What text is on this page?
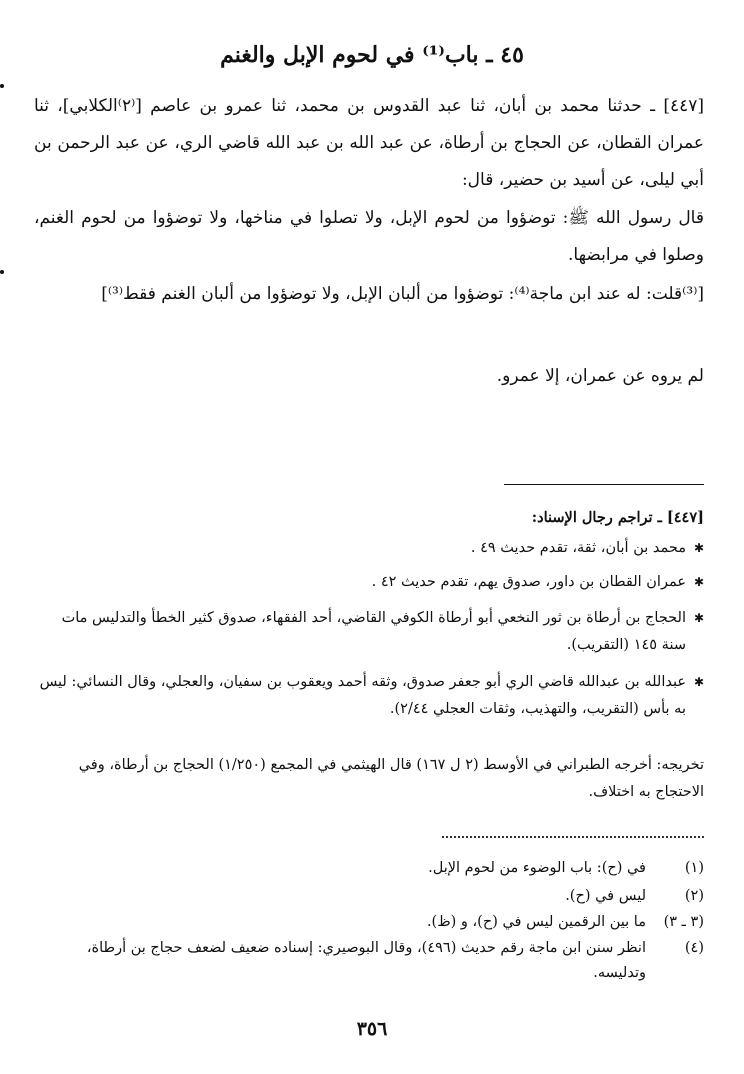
٤٥ ـ باب⁽¹⁾ في لحوم الإبل والغنم
[٤٤٧] ـ حدثنا محمد بن أبان، ثنا عبد القدوس بن محمد، ثنا عمرو بن عاصم [⁽٢⁾الكلابي]، ثنا عمران القطان، عن الحجاج بن أرطاة، عن عبد الله بن عبد الله قاضي الري، عن عبد الرحمن بن أبي ليلى، عن أسيد بن حضير، قال:
قال رسول الله ﷺ: توضؤوا من لحوم الإبل، ولا تصلوا في مناخها، ولا توضؤوا من لحوم الغنم، وصلوا في مرابضها.
[⁽³⁾قلت: له عند ابن ماجة⁽⁴⁾: توضؤوا من ألبان الإبل، ولا توضؤوا من ألبان الغنم فقط⁽³⁾]
لم يروه عن عمران، إلا عمرو.
[٤٤٧] ـ تراجم رجال الإسناد:
✱ محمد بن أبان، ثقة، تقدم حديث ٤٩ .
✱ عمران القطان بن داور، صدوق يهم، تقدم حديث ٤٢ .
✱ الحجاج بن أرطاة بن ثور النخعي أبو أرطاة الكوفي القاضي، أحد الفقهاء، صدوق كثير الخطأ والتدليس مات سنة ١٤٥ (التقريب).
✱ عبدالله بن عبدالله قاضي الري أبو جعفر صدوق، وثقه أحمد ويعقوب بن سفيان، والعجلي، وقال النسائي: ليس به بأس (التقريب، والتهذيب، وثقات العجلي ٢/٤٤).
تخريجه: أخرجه الطبراني في الأوسط (٢ ل ١٦٧) قال الهيثمي في المجمع (١/٢٥٠) الحجاج بن أرطاة، وفي الاحتجاج به اختلاف.
(١)في (ح): باب الوضوء من لحوم الإبل.
(٢)ليس في (ح).
(٣ ـ ٣)ما بين الرقمين ليس في (ح)، و (ظ).
(٤)
انظر سنن ابن ماجة رقم حديث (٤٩٦)، وقال البوصيري: إسناده ضعيف لضعف حجاج بن أرطاة، وتدليسه.
٣٥٦
